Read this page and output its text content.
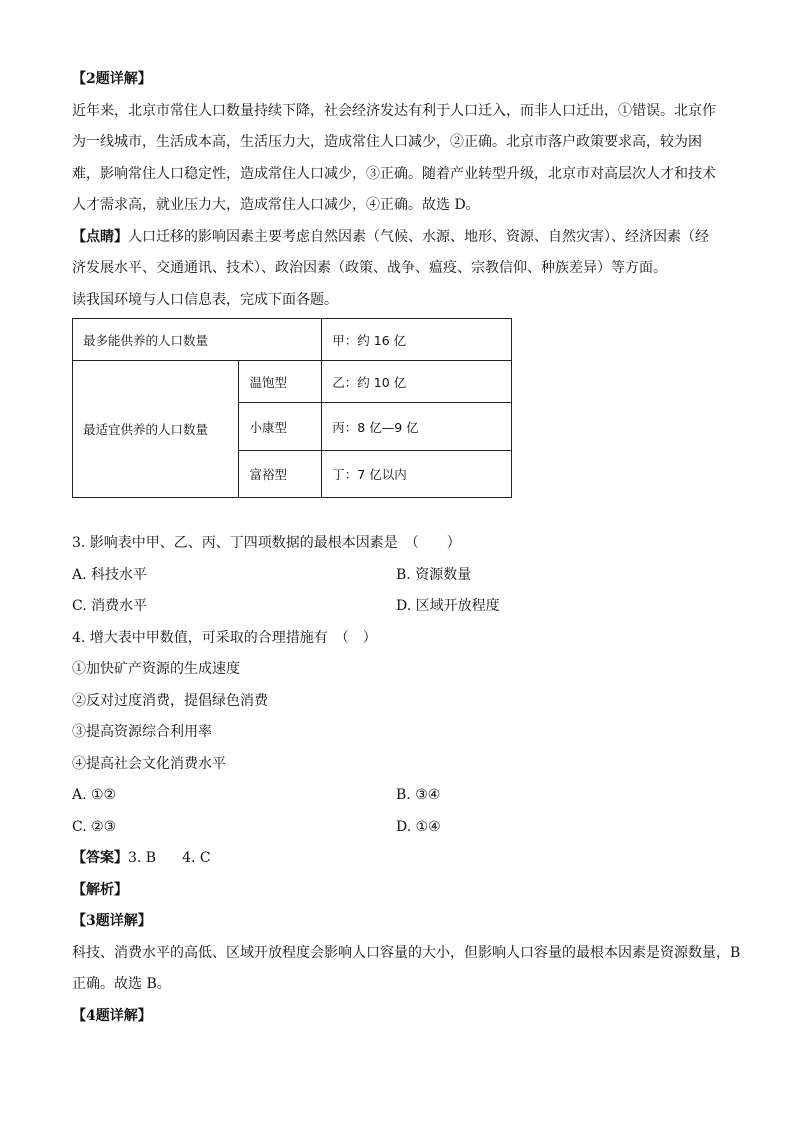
【2题详解】
近年来，北京市常住人口数量持续下降，社会经济发达有利于人口迁入，而非人口迁出，①错误。北京作
为一线城市，生活成本高，生活压力大，造成常住人口减少，②正确。北京市落户政策要求高，较为困
难，影响常住人口稳定性，造成常住人口减少，③正确。随着产业转型升级，北京市对高层次人才和技术
人才需求高，就业压力大，造成常住人口减少，④正确。故选 D。
【点睛】人口迁移的影响因素主要考虑自然因素（气候、水源、地形、资源、自然灾害）、经济因素（经
济发展水平、交通通讯、技术）、政治因素（政策、战争、瘟疫、宗教信仰、种族差异）等方面。
读我国环境与人口信息表，完成下面各题。
最多能供养的人口数量		甲：约 16 亿
最适宜供养的人口数量	温饱型	乙：约 10 亿
	小康型	丙：8 亿—9 亿
	富裕型	丁：7 亿以内
3. 影响表中甲、乙、丙、丁四项数据的最根本因素是　（　　）
A. 科技水平	B. 资源数量
C. 消费水平	D. 区域开放程度
4. 增大表中甲数值，可采取的合理措施有　（　）
①加快矿产资源的生成速度
②反对过度消费，提倡绿色消费
③提高资源综合利用率
④提高社会文化消费水平
A. ①②	B. ③④
C. ②③	D. ①④
【答案】3. B 4. C
【解析】
【3题详解】
科技、消费水平的高低、区域开放程度会影响人口容量的大小，但影响人口容量的最根本因素是资源数量，B
正确。故选 B。
【4题详解】
